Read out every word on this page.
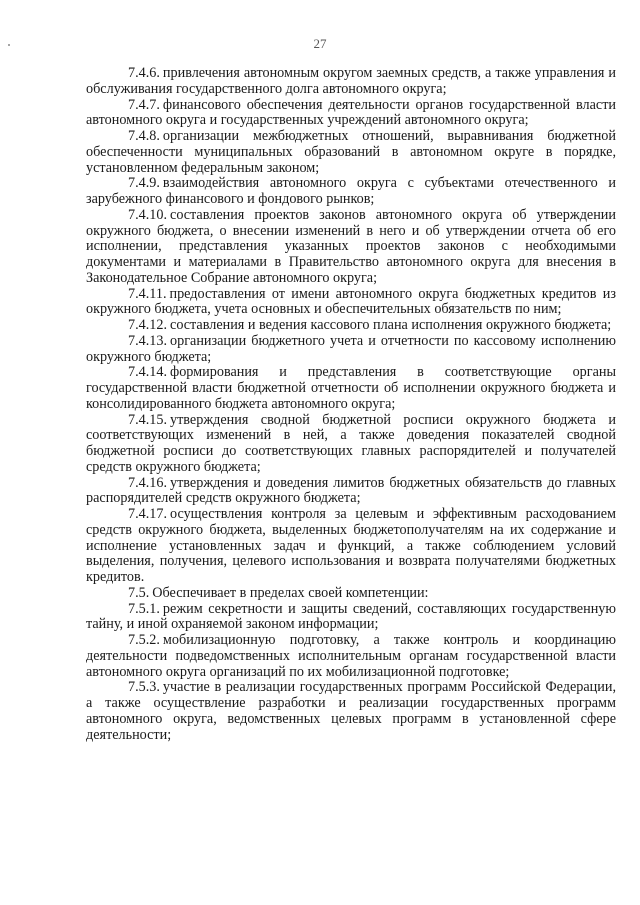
27

7.4.6. привлечения автономным округом заемных средств, а также управления и обслуживания государственного долга автономного округа;

7.4.7. финансового обеспечения деятельности органов государственной власти автономного округа и государственных учреждений автономного округа;

7.4.8. организации межбюджетных отношений, выравнивания бюджетной обеспеченности муниципальных образований в автономном округе в порядке, установленном федеральным законом;

7.4.9. взаимодействия автономного округа с субъектами отечественного и зарубежного финансового и фондового рынков;

7.4.10. составления проектов законов автономного округа об утверждении окружного бюджета, о внесении изменений в него и об утверждении отчета об его исполнении, представления указанных проектов законов с необходимыми документами и материалами в Правительство автономного округа для внесения в Законодательное Собрание автономного округа;

7.4.11. предоставления от имени автономного округа бюджетных кредитов из окружного бюджета, учета основных и обеспечительных обязательств по ним;

7.4.12. составления и ведения кассового плана исполнения окружного бюджета;

7.4.13. организации бюджетного учета и отчетности по кассовому исполнению окружного бюджета;

7.4.14. формирования и представления в соответствующие органы государственной власти бюджетной отчетности об исполнении окружного бюджета и консолидированного бюджета автономного округа;

7.4.15. утверждения сводной бюджетной росписи окружного бюджета и соответствующих изменений в ней, а также доведения показателей сводной бюджетной росписи до соответствующих главных распорядителей и получателей средств окружного бюджета;

7.4.16. утверждения и доведения лимитов бюджетных обязательств до главных распорядителей средств окружного бюджета;

7.4.17. осуществления контроля за целевым и эффективным расходованием средств окружного бюджета, выделенных бюджетополучателям на их содержание и исполнение установленных задач и функций, а также соблюдением условий выделения, получения, целевого использования и возврата получателями бюджетных кредитов.

7.5. Обеспечивает в пределах своей компетенции:

7.5.1. режим секретности и защиты сведений, составляющих государственную тайну, и иной охраняемой законом информации;

7.5.2. мобилизационную подготовку, а также контроль и координацию деятельности подведомственных исполнительным органам государственной власти автономного округа организаций по их мобилизационной подготовке;

7.5.3. участие в реализации государственных программ Российской Федерации, а также осуществление разработки и реализации государственных программ автономного округа, ведомственных целевых программ в установленной сфере деятельности;
